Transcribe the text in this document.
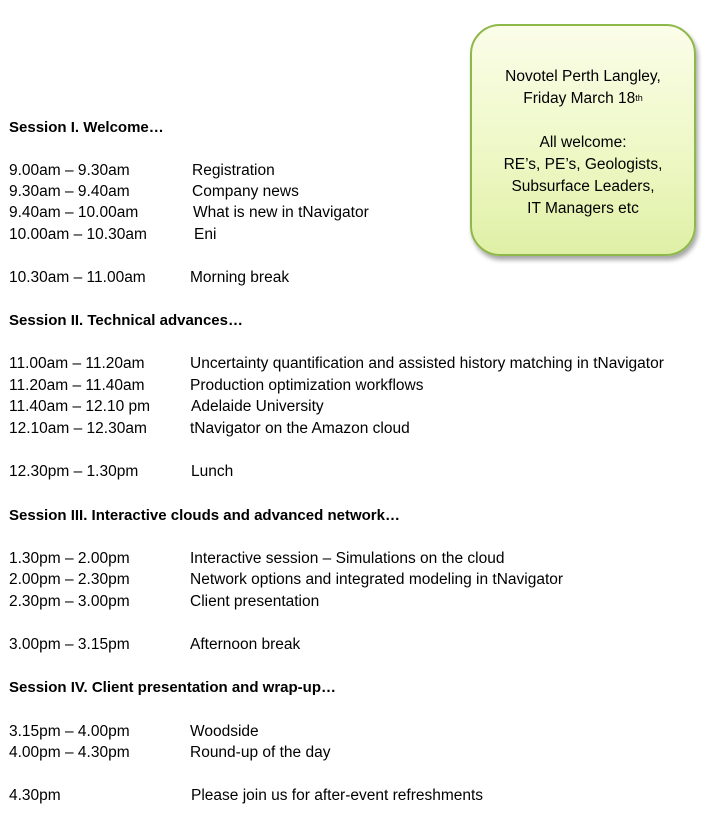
Novotel Perth Langley,
Friday March 18th
All welcome:
RE’s, PE’s, Geologists,
Subsurface Leaders,
IT Managers etc
Session I. Welcome…
9.00am – 9.30am	Registration
9.30am – 9.40am	Company news
9.40am – 10.00am	What is new in tNavigator
10.00am – 10.30am	Eni
10.30am – 11.00am	Morning break
Session II. Technical advances…
11.00am – 11.20am	Uncertainty quantification and assisted history matching in tNavigator
11.20am – 11.40am	Production optimization workflows
11.40am – 12.10 pm	Adelaide University
12.10am – 12.30am	tNavigator on the Amazon cloud
12.30pm – 1.30pm	Lunch
Session III. Interactive clouds and advanced network…
1.30pm – 2.00pm	Interactive session – Simulations on the cloud
2.00pm – 2.30pm	Network options and integrated modeling in tNavigator
2.30pm – 3.00pm	Client presentation
3.00pm – 3.15pm	Afternoon break
Session IV. Client presentation and wrap-up…
3.15pm – 4.00pm	Woodside
4.00pm – 4.30pm	Round-up of the day
4.30pm	Please join us for after-event refreshments
